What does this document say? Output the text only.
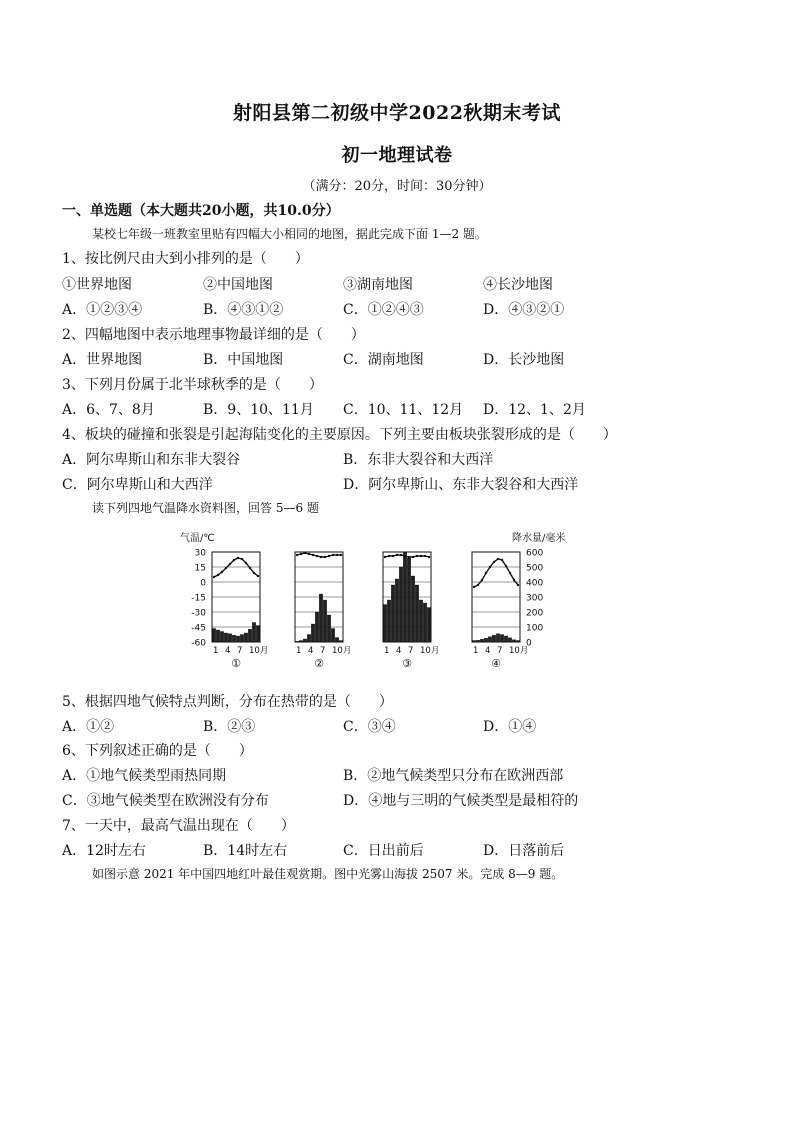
射阳县第二初级中学2022秋期末考试
初一地理试卷
（满分：20分，时间：30分钟）
一、单选题（本大题共20小题，共10.0分）
某校七年级一班教室里贴有四幅大小相同的地图，据此完成下面 1—2 题。
1、按比例尺由大到小排列的是（　　）
①世界地图	②中国地图	③湖南地图	④长沙地图
A．①②③④	B．④③①②	C．①②④③	D．④③②①
2、四幅地图中表示地理事物最详细的是（　　）
A．世界地图	B．中国地图	C．湖南地图	D．长沙地图
3、下列月份属于北半球秋季的是（　　）
A．6、7、8月	B．9、10、11月 C．10、11、12月 D．12、1、2月
4、板块的碰撞和张裂是引起海陆变化的主要原因。下列主要由板块张裂形成的是（　　）
A．阿尔卑斯山和东非大裂谷	B．东非大裂谷和大西洋
C．阿尔卑斯山和大西洋	D．阿尔卑斯山、东非大裂谷和大西洋
读下列四地气温降水资料图，回答 5—6 题
气温/℃	降水量/毫米
30
15
0
-15
-30
-45
-60
600
500
400
300
200
100
0
1 4 7 10月
①
1 4 7 10月
②
1 4 7 10月
③
1 4 7 10月
④
5、根据四地气候特点判断，分布在热带的是（　　）
A．①②	B．②③	C．③④	D．①④
6、下列叙述正确的是（　　）
A．①地气候类型雨热同期	B．②地气候类型只分布在欧洲西部
C．③地气候类型在欧洲没有分布	D．④地与三明的气候类型是最相符的
7、一天中，最高气温出现在（　　）
A．12时左右	B．14时左右	C．日出前后	D．日落前后
如图示意 2021 年中国四地红叶最佳观赏期。图中光雾山海拔 2507 米。完成 8—9 题。
